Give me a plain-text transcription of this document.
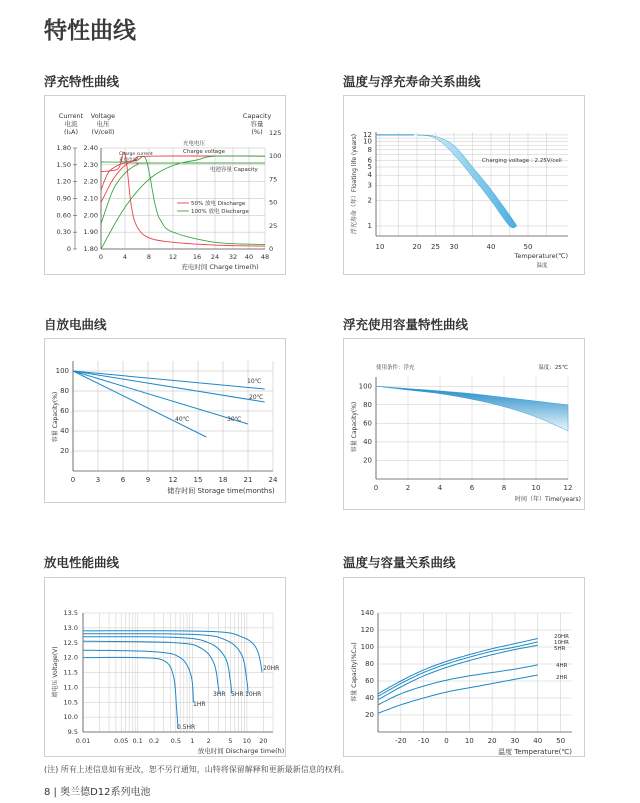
特性曲线
浮充特性曲线	温度与浮充寿命关系曲线
自放电曲线	浮充使用容量特性曲线
放电性能曲线	温度与容量关系曲线
Current
电流
(I₂A)
Voltage
电压
(V/cell)
Capacity
容量
(%)
0
0.30
0.60
0.90
1.20
1.50
1.80
1.80
1.90
2.00
2.10
2.20
2.30
2.40
0
25
50
75
100
125
0	4	8	12 16 24 32 40 48
充电时间 Charge time(h)
充电电压
Charge voltage
Charge current
充电电流
电池容量 Capacity
50% 放电 Discharge
100% 放电 Discharge
1
2
3
4
5
6
8
10
12
10	20 25 30	40	50
Charging voltage : 2.25V/cell
Temperature(℃)
温度
浮充寿命（年）Floating life (years)
20
40
60
80
100
0	3	6	9	12 15 18 21 24
10℃
20℃
30℃
40℃
储存时间 Storage time(months)
容量 Capacity(%)
20
40
60
80
100
0	2	4	6	8	10	12
使用条件：浮充	温度：25℃
时间（年）Time(years)
容量 Capacity(%)
9.5
10.0
10.5
11.0
11.5
12.0
12.5
13.0
13.5
0.01	0.05 0.1 0.2 0.5 1 2	5 10 20
0.5HR
1HR
3HR 5HR 10HR
20HR
放电时间 Discharge time(h)
端电压 Voltage(V)
20
40
60
80
100
120
140
-20 -10 0 10 20 30 40 50
20HR
10HR
5HR
4HR
2HR
温度 Temperature(℃)
容量 Capacity(%C₂₀)
(注) 所有上述信息如有更改，恕不另行通知，山特将保留解释和更新最新信息的权利。
8 | 奥兰德D12系列电池
